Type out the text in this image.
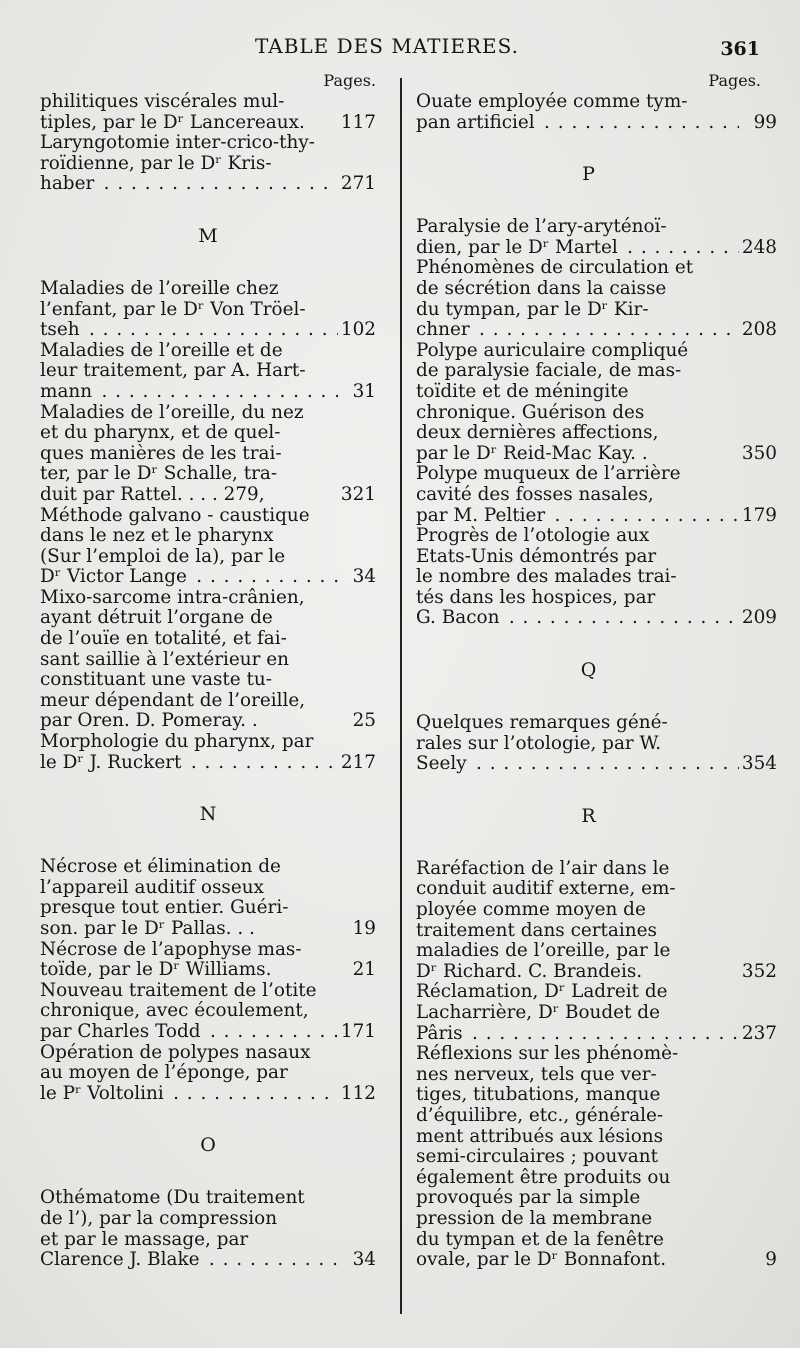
TABLE DES MATIERES.	361
Pages.
philitiques viscérales mul-
tiples, par le Dʳ Lancereaux. 117
Laryngotomie inter-crico-thy-
roïdienne, par le Dʳ Kris-
haber . . .	271
M
Maladies de l’oreille chez
l’enfant, par le Dʳ Von Tröel-
tseh . . .	102
Maladies de l’oreille et de
leur traitement, par A. Hart-
mann . . .	31
Maladies de l’oreille, du nez
et du pharynx, et de quel-
ques manières de les trai-
ter, par le Dʳ Schalle, tra-
duit par Rattel. . . . 279,	321
Méthode galvano - caustique
dans le nez et le pharynx
(Sur l’emploi de la), par le
Dʳ Victor Lange . . .	34
Mixo-sarcome intra-crânien,
ayant détruit l’organe de
de l’ouïe en totalité, et fai-
sant saillie à l’extérieur en
constituant une vaste tu-
meur dépendant de l’oreille,
par Oren. D. Pomeray. .	25
Morphologie du pharynx, par
le Dʳ J. Ruckert . . .	217
N
Nécrose et élimination de
l’appareil auditif osseux
presque tout entier. Guéri-
son. par le Dʳ Pallas. . .	19
Nécrose de l’apophyse mas-
toïde, par le Dʳ Williams.	21
Nouveau traitement de l’otite
chronique, avec écoulement,
par Charles Todd . . .	171
Opération de polypes nasaux
au moyen de l’éponge, par
le Pʳ Voltolini . . .	112
O
Othématome (Du traitement
de l’), par la compression
et par le massage, par
Clarence J. Blake . . .	34
Pages.
Ouate employée comme tym-
pan artificiel . . .	99
P
Paralysie de l’ary-aryténoï-
dien, par le Dʳ Martel . . .	248
Phénomènes de circulation et
de sécrétion dans la caisse
du tympan, par le Dʳ Kir-
chner . . .	208
Polype auriculaire compliqué
de paralysie faciale, de mas-
toïdite et de méningite
chronique. Guérison des
deux dernières affections,
par le Dʳ Reid-Mac Kay. .	350
Polype muqueux de l’arrière
cavité des fosses nasales,
par M. Peltier . . .	179
Progrès de l’otologie aux
Etats-Unis démontrés par
le nombre des malades trai-
tés dans les hospices, par
G. Bacon . . .	209
Q
Quelques remarques géné-
rales sur l’otologie, par W.
Seely . . .	354
R
Raréfaction de l’air dans le
conduit auditif externe, em-
ployée comme moyen de
traitement dans certaines
maladies de l’oreille, par le
Dʳ Richard. C. Brandeis.	352
Réclamation, Dʳ Ladreit de
Lacharrière, Dʳ Boudet de
Pâris . . .	237
Réflexions sur les phénomè-
nes nerveux, tels que ver-
tiges, titubations, manque
d’équilibre, etc., générale-
ment attribués aux lésions
semi-circulaires ; pouvant
également être produits ou
provoqués par la simple
pression de la membrane
du tympan et de la fenêtre
ovale, par le Dʳ Bonnafont.	9
